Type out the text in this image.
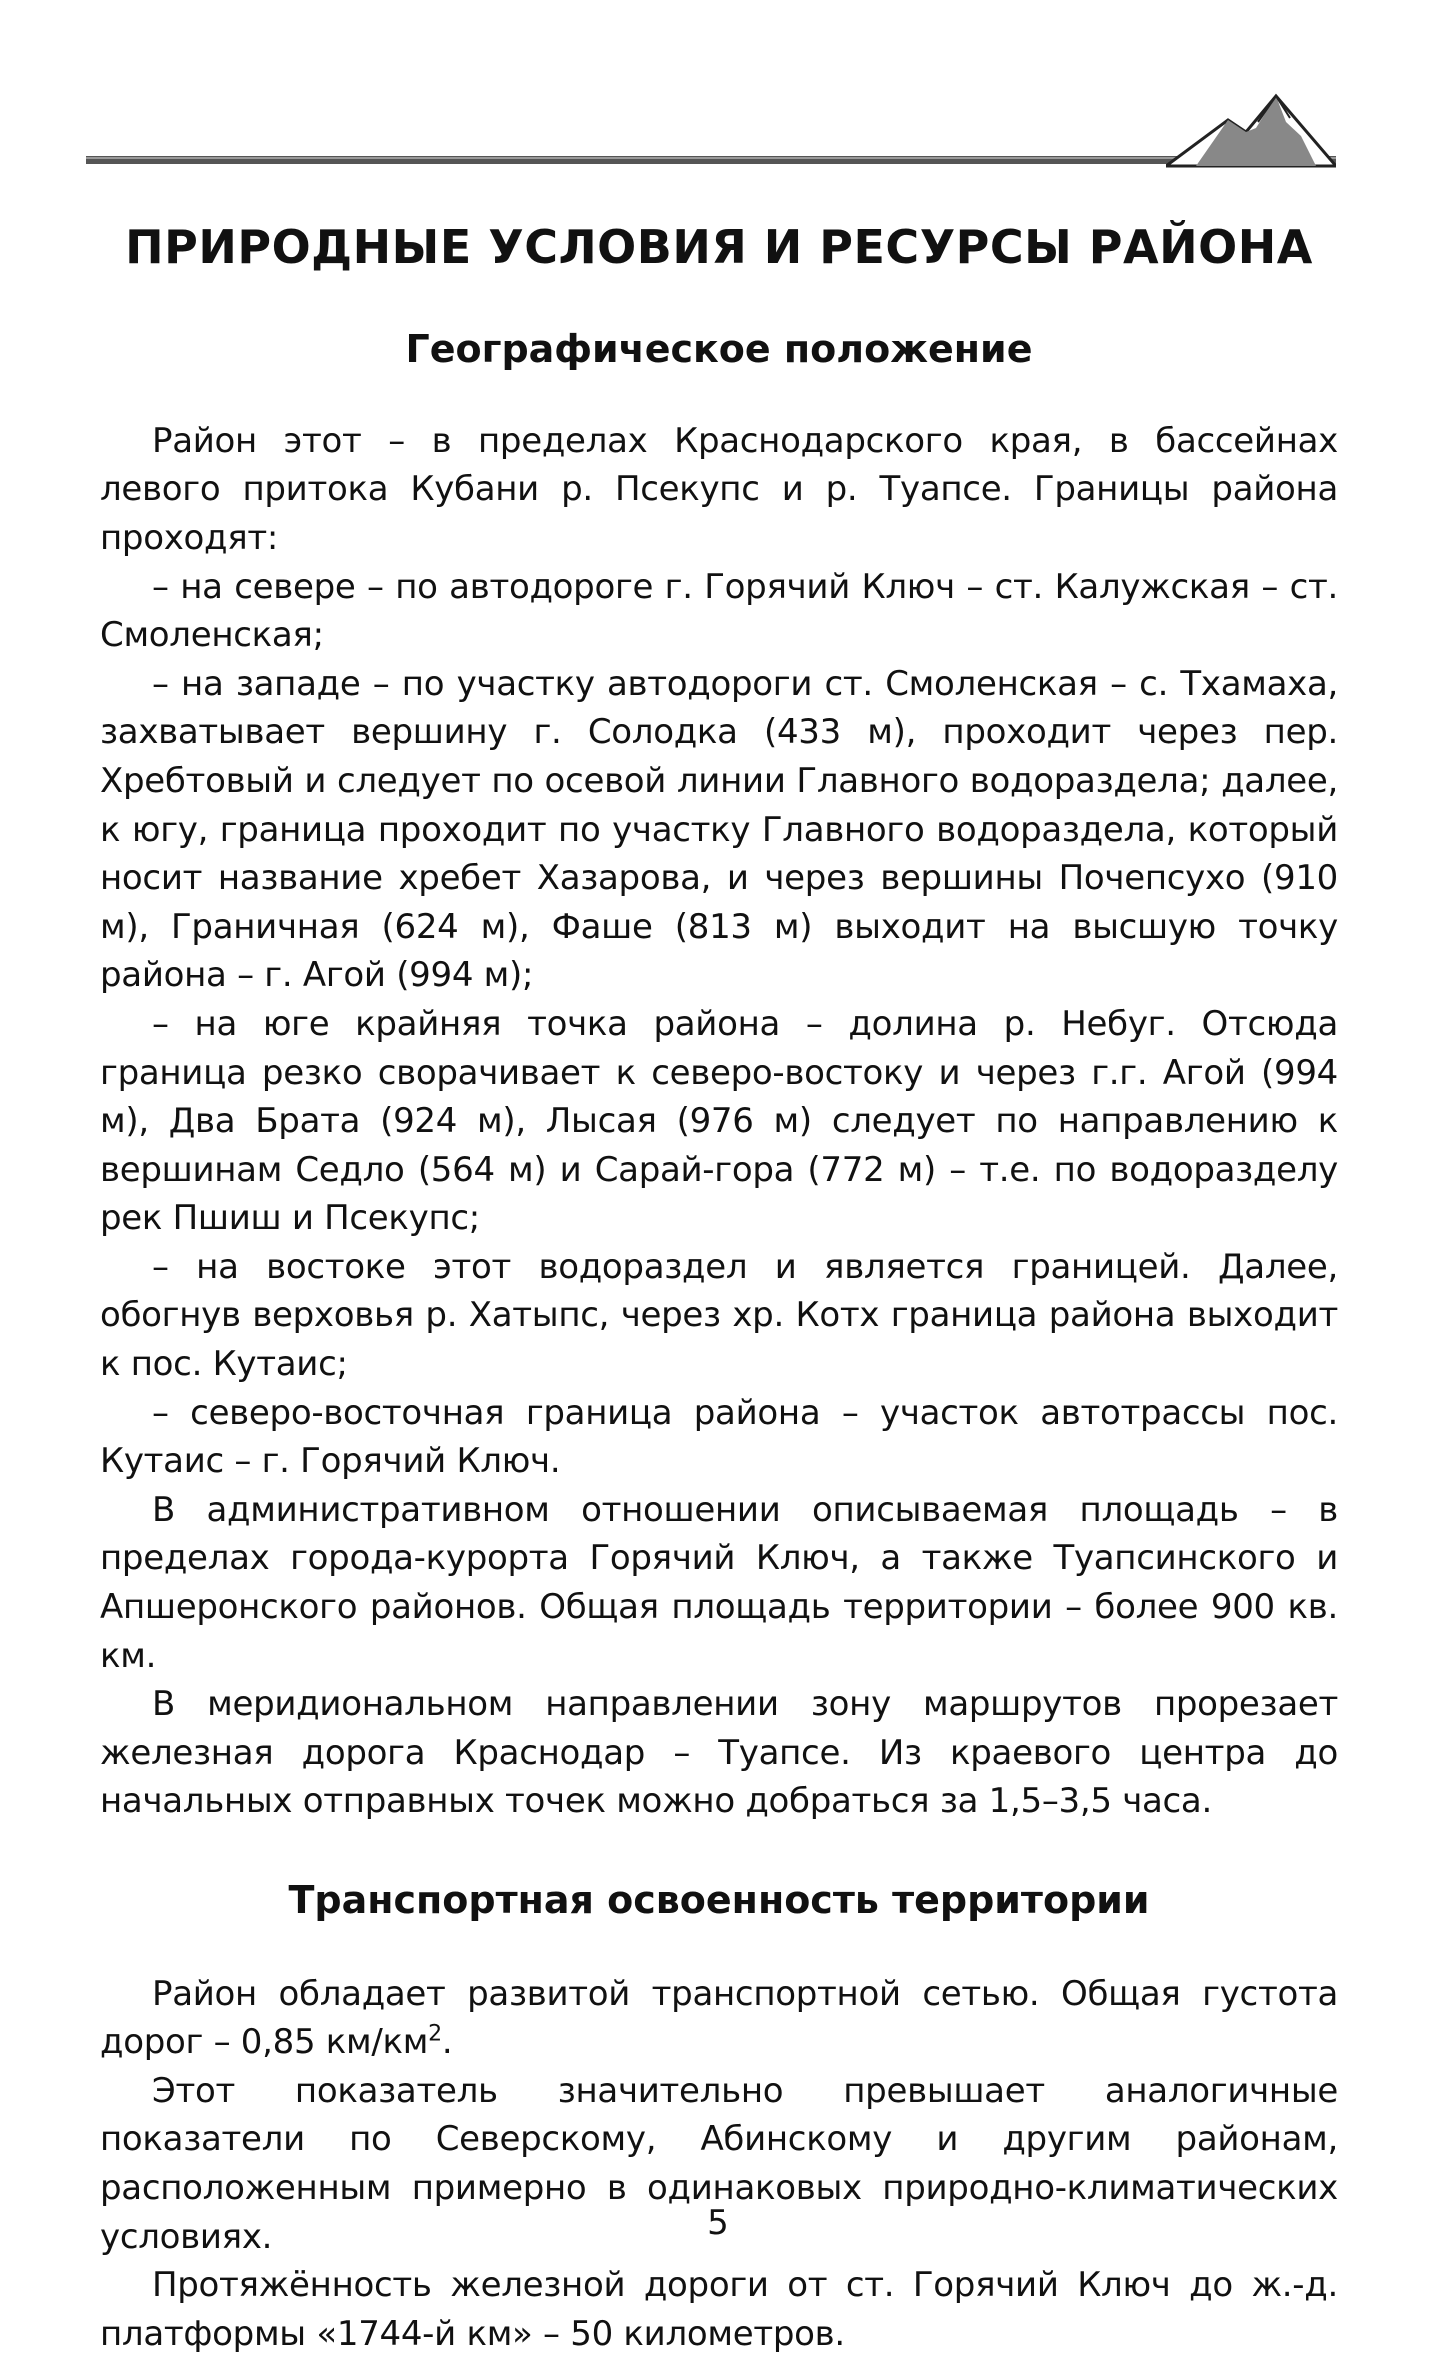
ПРИРОДНЫЕ УСЛОВИЯ И РЕСУРСЫ РАЙОНА
Географическое положение

Район этот – в пределах Краснодарского края, в бассейнах левого притока Кубани р. Псекупс и р. Туапсе. Границы района проходят:

– на севере – по автодороге г. Горячий Ключ – ст. Калужская – ст. Смоленская;

– на западе – по участку автодороги ст. Смоленская – с. Тхамаха, захватывает вершину г. Солодка (433 м), проходит через пер. Хребтовый и следует по осевой линии Главного водораздела; далее, к югу, граница проходит по участку Главного водораздела, который носит название хребет Хазарова, и через вершины Почепсухо (910 м), Граничная (624 м), Фаше (813 м) выходит на высшую точку района – г. Агой (994 м);

– на юге крайняя точка района – долина р. Небуг. Отсюда граница резко сворачивает к северо-востоку и через г.г. Агой (994 м), Два Брата (924 м), Лысая (976 м) следует по направлению к вершинам Седло (564 м) и Сарай-гора (772 м) – т.е. по водоразделу рек Пшиш и Псекупс;

– на востоке этот водораздел и является границей. Далее, обогнув верховья р. Хатыпс, через хр. Котх граница района выходит к пос. Кутаис;

– северо-восточная граница района – участок автотрассы пос. Кутаис – г. Горячий Ключ.

В административном отношении описываемая площадь – в пределах города-курорта Горячий Ключ, а также Туапсинского и Апшеронского районов. Общая площадь территории – более 900 кв. км.

В меридиональном направлении зону маршрутов прорезает железная дорога Краснодар – Туапсе. Из краевого центра до начальных отправных точек можно добраться за 1,5–3,5 часа.

Транспортная освоенность территории

Район обладает развитой транспортной сетью. Общая густота дорог – 0,85 $км/км^2$.

Этот показатель значительно превышает аналогичные показатели по Северскому, Абинскому и другим районам, расположенным примерно в одинаковых природно-климатических условиях.

Протяжённость железной дороги от ст. Горячий Ключ до ж.-д. платформы «1744-й км» – 50 километров.

5
